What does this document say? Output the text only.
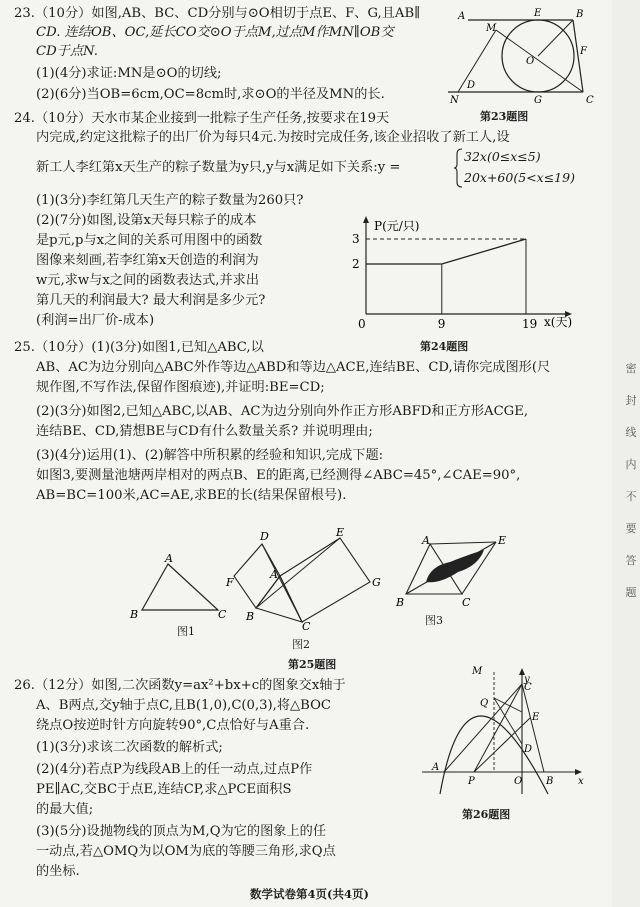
23.（10分）如图,AB、BC、CD分别与⊙O相切于点E、F、G,且AB∥
CD. 连结OB、OC,延长CO交⊙O于点M,过点M作MN∥OB交
CD于点N.
(1)(4分)求证:MN是⊙O的切线;
(2)(6分)当OB=6cm,OC=8cm时,求⊙O的半径及MN的长.
A	E	B
M
O
F
D
N	G	C
第23题图
24.（10分）天水市某企业接到一批粽子生产任务,按要求在19天
内完成,约定这批粽子的出厂价为每只4元.为按时完成任务,该企业招收了新工人,设
新工人李红第x天生产的粽子数量为y只,y与x满足如下关系:y =
32x(0≤x≤5)
20x+60(5<x≤19)
(1)(3分)李红第几天生产的粽子数量为260只?
(2)(7分)如图,设第x天每只粽子的成本
是p元,p与x之间的关系可用图中的函数
图像来刻画,若李红第x天创造的利润为
w元,求w与x之间的函数表达式,并求出
第几天的利润最大? 最大利润是多少元?
(利润=出厂价-成本)
P(元/只)
x(天)
2
3
0	9	19
第24题图
25.（10分）(1)(3分)如图1,已知△ABC,以
AB、AC为边分别向△ABC外作等边△ABD和等边△ACE,连结BE、CD,请你完成图形(尺
规作图,不写作法,保留作图痕迹),并证明:BE=CD;
(2)(3分)如图2,已知△ABC,以AB、AC为边分别向外作正方形ABFD和正方形ACGE,
连结BE、CD,猜想BE与CD有什么数量关系? 并说明理由;
(3)(4分)运用(1)、(2)解答中所积累的经验和知识,完成下题:
如图3,要测量池塘两岸相对的两点B、E的距离,已经测得∠ABC=45°,∠CAE=90°,
AB=BC=100米,AC=AE,求BE的长(结果保留根号).
A
B	C
图1
D	E
F
A
G
B
C
图2
A	E
B	C
图3
第25题图
26.（12分）如图,二次函数y=ax²+bx+c的图象交x轴于
A、B两点,交y轴于点C,且B(1,0),C(0,3),将△BOC
绕点O按逆时针方向旋转90°,C点恰好与A重合.
(1)(3分)求该二次函数的解析式;
(2)(4分)若点P为线段AB上的任一动点,过点P作
PE∥AC,交BC于点E,连结CP,求△PCE面积S
的最大值;
(3)(5分)设抛物线的顶点为M,Q为它的图象上的任
一动点,若△OMQ为以OM为底的等腰三角形,求Q点
的坐标.
M
y
C
E
D
Q
A
P	O B x
第26题图
数学试卷第4页(共4页)
密
封
线
内
不
要
答
题
